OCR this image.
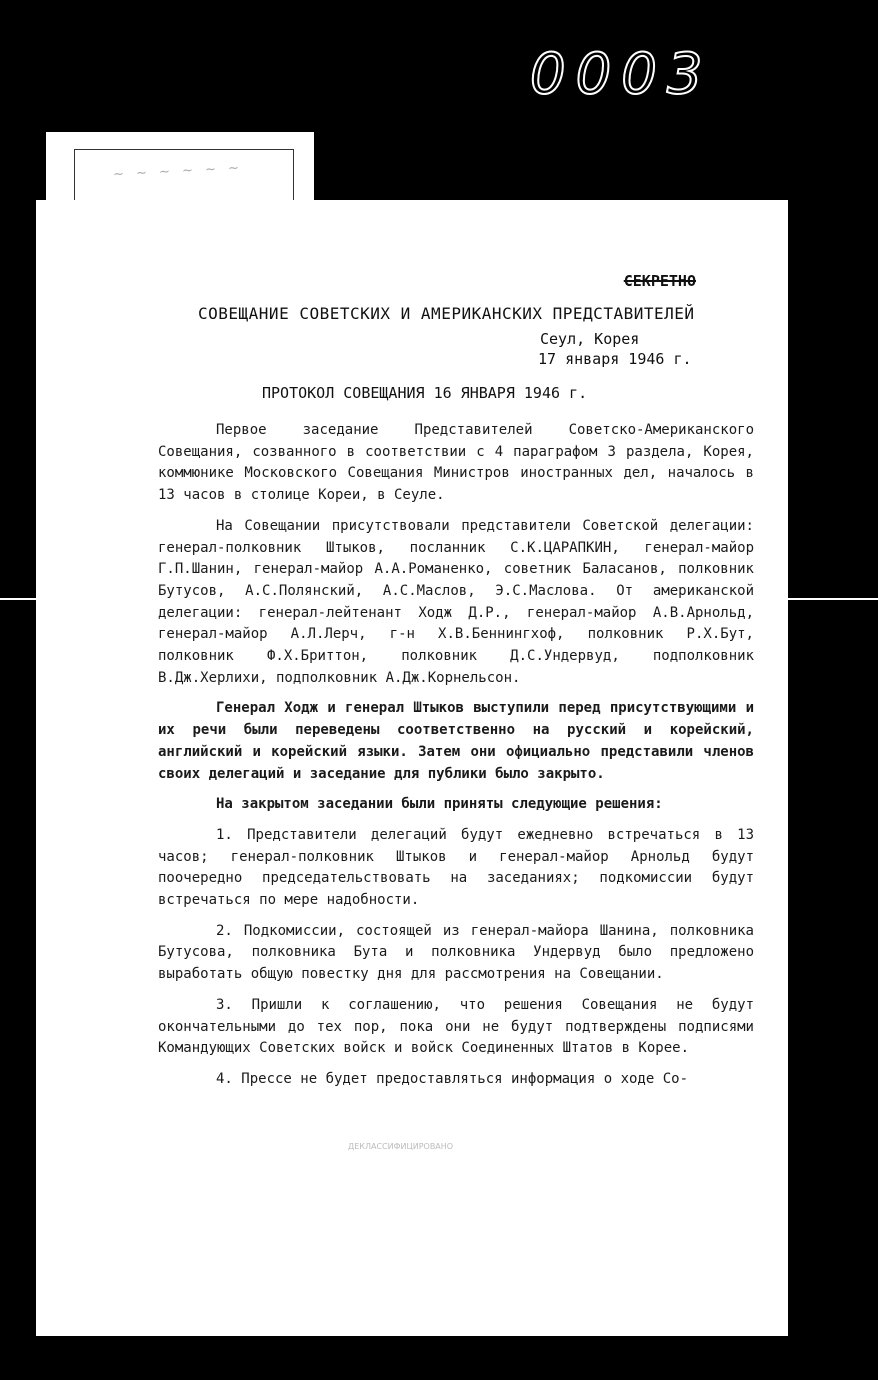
0003
~ ~ ~ ~ ~ ~
СЕКРЕТНО
СОВЕЩАНИЕ СОВЕТСКИХ И АМЕРИКАНСКИХ ПРЕДСТАВИТЕЛЕЙ
Сеул, Корея
17 января 1946 г.
ПРОТОКОЛ СОВЕЩАНИЯ 16 ЯНВАРЯ 1946 г.

Первое заседание Представителей Советско-Американского Совещания, созванного в соответствии с 4 параграфом 3 раздела, Корея, коммюнике Московского Совещания Министров иностранных дел, началось в 13 часов в столице Кореи, в Сеуле.

На Совещании присутствовали представители Советской делегации: генерал-полковник Штыков, посланник С.К.ЦАРАПКИН, генерал-майор Г.П.Шанин, генерал-майор А.А.Романенко, советник Баласанов, полковник Бутусов, А.С.Полянский, А.С.Маслов, Э.С.Маслова. От американской делегации: генерал-лейтенант Ходж Д.Р., генерал-майор А.В.Арнольд, генерал-майор А.Л.Лерч, г-н Х.В.Беннингхоф, полковник Р.Х.Бут, полковник Ф.Х.Бриттон, полковник Д.С.Ундервуд, подполковник В.Дж.Херлихи, подполковник А.Дж.Корнельсон.

Генерал Ходж и генерал Штыков выступили перед присутствующими и их речи были переведены соответственно на русский и корейский, английский и корейский языки. Затем они официально представили членов своих делегаций и заседание для публики было закрыто.

На закрытом заседании были приняты следующие решения:

1. Представители делегаций будут ежедневно встречаться в 13 часов; генерал-полковник Штыков и генерал-майор Арнольд будут поочередно председательствовать на заседаниях; подкомиссии будут встречаться по мере надобности.

2. Подкомиссии, состоящей из генерал-майора Шанина, полковника Бутусова, полковника Бута и полковника Ундервуд было предложено выработать общую повестку дня для рассмотрения на Совещании.

3. Пришли к соглашению, что решения Совещания не будут окончательными до тех пор, пока они не будут подтверждены подписями Командующих Советских войск и войск Соединенных Штатов в Корее.

4. Прессе не будет предоставляться информация о ходе Со-

ДЕКЛАССИФИЦИРОВАНО
